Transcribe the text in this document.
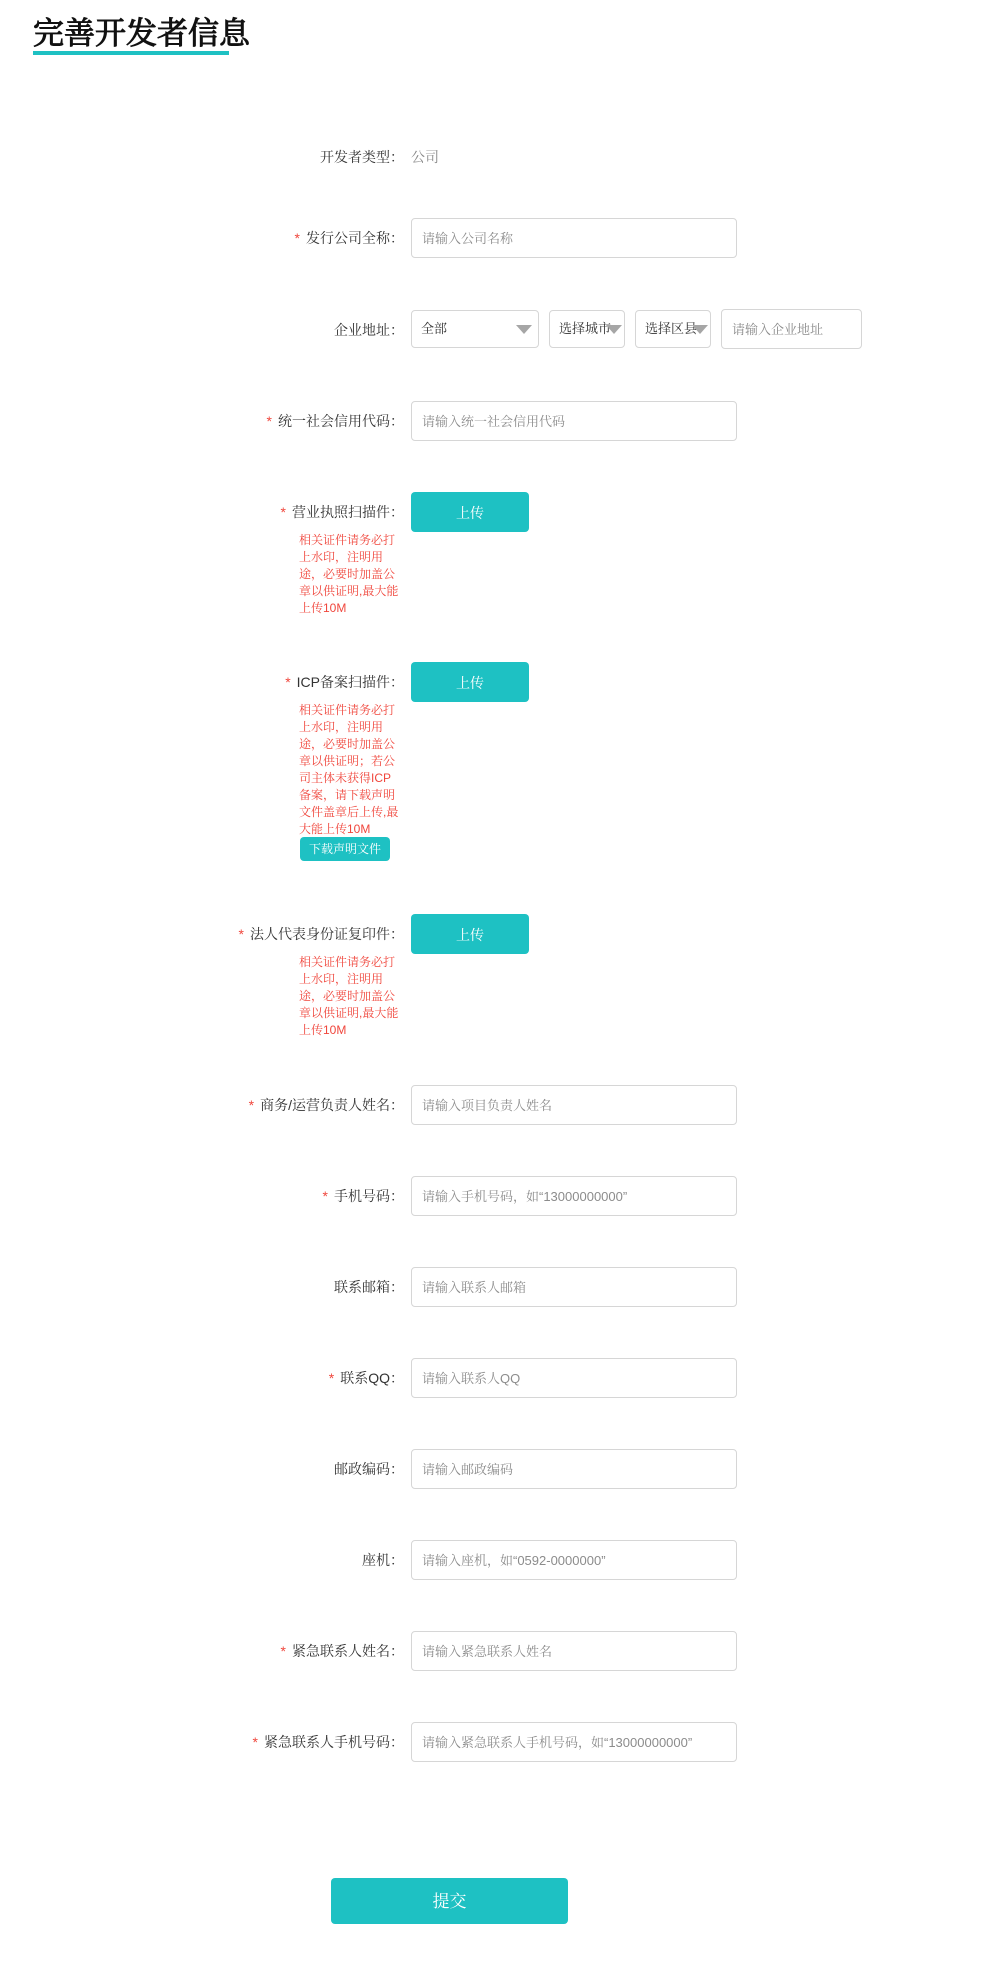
完善开发者信息
开发者类型： 公司
* 发行公司全称：
请输入公司名称
企业地址：	全部	选择城市	选择区县
请输入企业地址
* 统一社会信用代码：
请输入统一社会信用代码
* 营业执照扫描件：	上传
相关证件请务必打上水印，注明用途，必要时加盖公章以供证明,最大能上传10M
* ICP备案扫描件：	上传
相关证件请务必打上水印，注明用途，必要时加盖公章以供证明；若公司主体未获得ICP备案，请下载声明文件盖章后上传,最大能上传10M
下载声明文件
* 法人代表身份证复印件：	上传
相关证件请务必打上水印，注明用途，必要时加盖公章以供证明,最大能上传10M
* 商务/运营负责人姓名：
请输入项目负责人姓名
* 手机号码：
请输入手机号码，如“13000000000”
联系邮箱：
请输入联系人邮箱
* 联系QQ：
请输入联系人QQ
邮政编码：
请输入邮政编码
座机：
请输入座机，如“0592-0000000”
* 紧急联系人姓名：
请输入紧急联系人姓名
* 紧急联系人手机号码：
请输入紧急联系人手机号码，如“13000000000”
提交
